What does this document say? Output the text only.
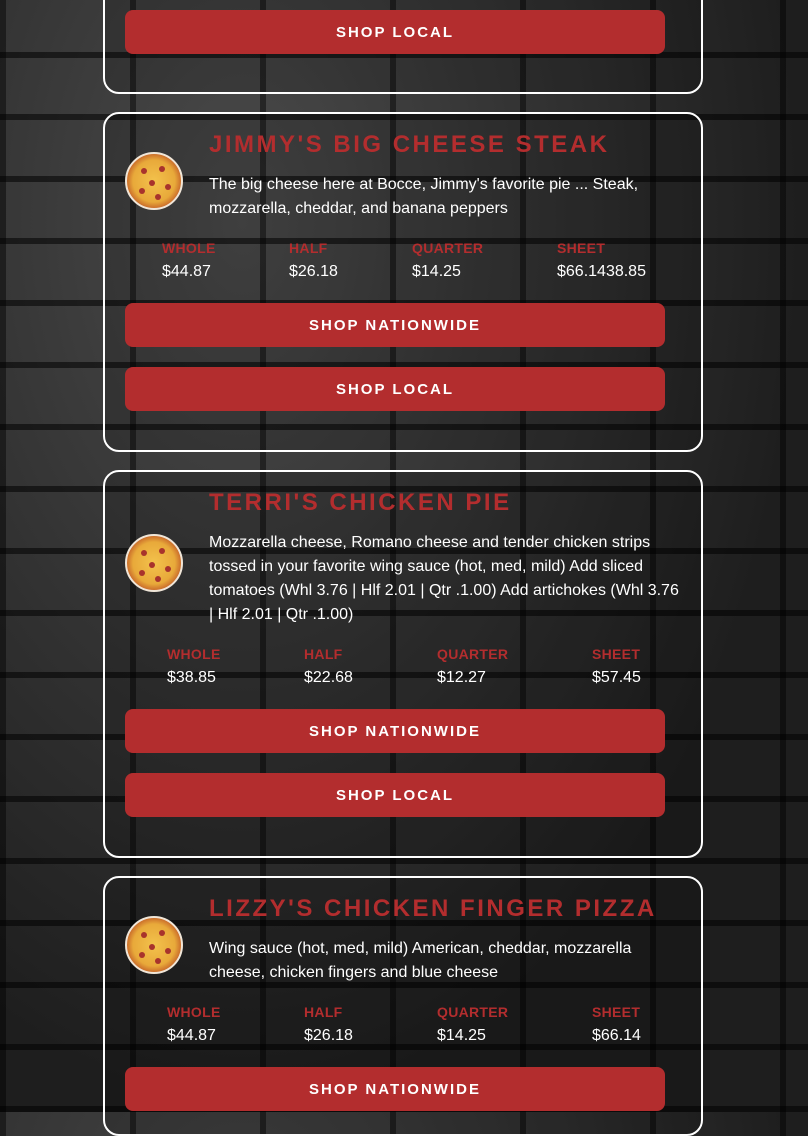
SHOP LOCAL
JIMMY'S BIG CHEESE STEAK

The big cheese here at Bocce, Jimmy's favorite pie ... Steak, mozzarella, cheddar, and banana peppers

WHOLE
$44.87
HALF
$26.18
QUARTER
$14.25
SHEET
$66.1438.85
SHOP NATIONWIDE
SHOP LOCAL
TERRI'S CHICKEN PIE

Mozzarella cheese, Romano cheese and tender chicken strips tossed in your favorite wing sauce (hot, med, mild) Add sliced tomatoes (Whl 3.76 | Hlf 2.01 | Qtr .1.00) Add artichokes (Whl 3.76 | Hlf 2.01 | Qtr .1.00)

WHOLE
$38.85
HALF
$22.68
QUARTER
$12.27
SHEET
$57.45
SHOP NATIONWIDE
SHOP LOCAL
LIZZY'S CHICKEN FINGER PIZZA

Wing sauce (hot, med, mild) American, cheddar, mozzarella cheese, chicken fingers and blue cheese

WHOLE
$44.87
HALF
$26.18
QUARTER
$14.25
SHEET
$66.14
SHOP NATIONWIDE
